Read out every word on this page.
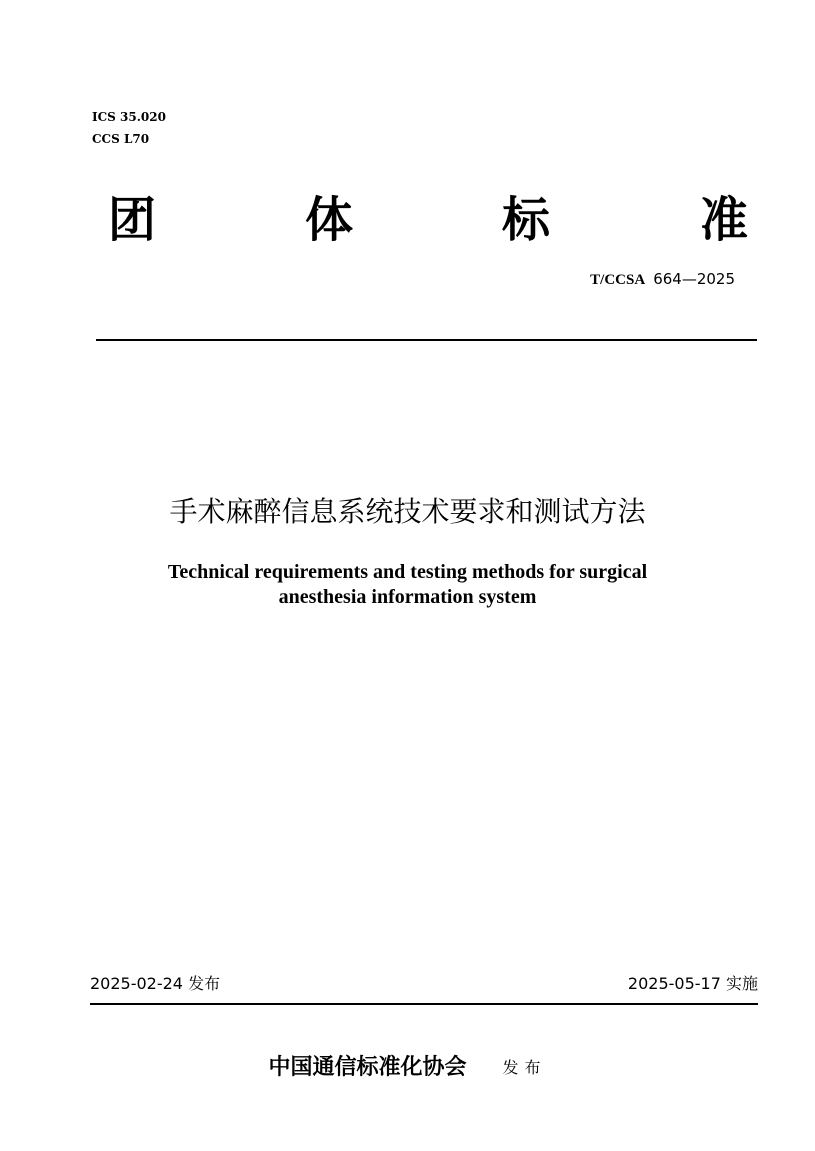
ICS 35.020
CCS L70
团	体	标	准
T/CCSA 664—2025
手术麻醉信息系统技术要求和测试方法
Technical requirements and testing methods for surgical
anesthesia information system
2025-02-24 发布	2025-05-17 实施
中国通信标准化协会 发布
